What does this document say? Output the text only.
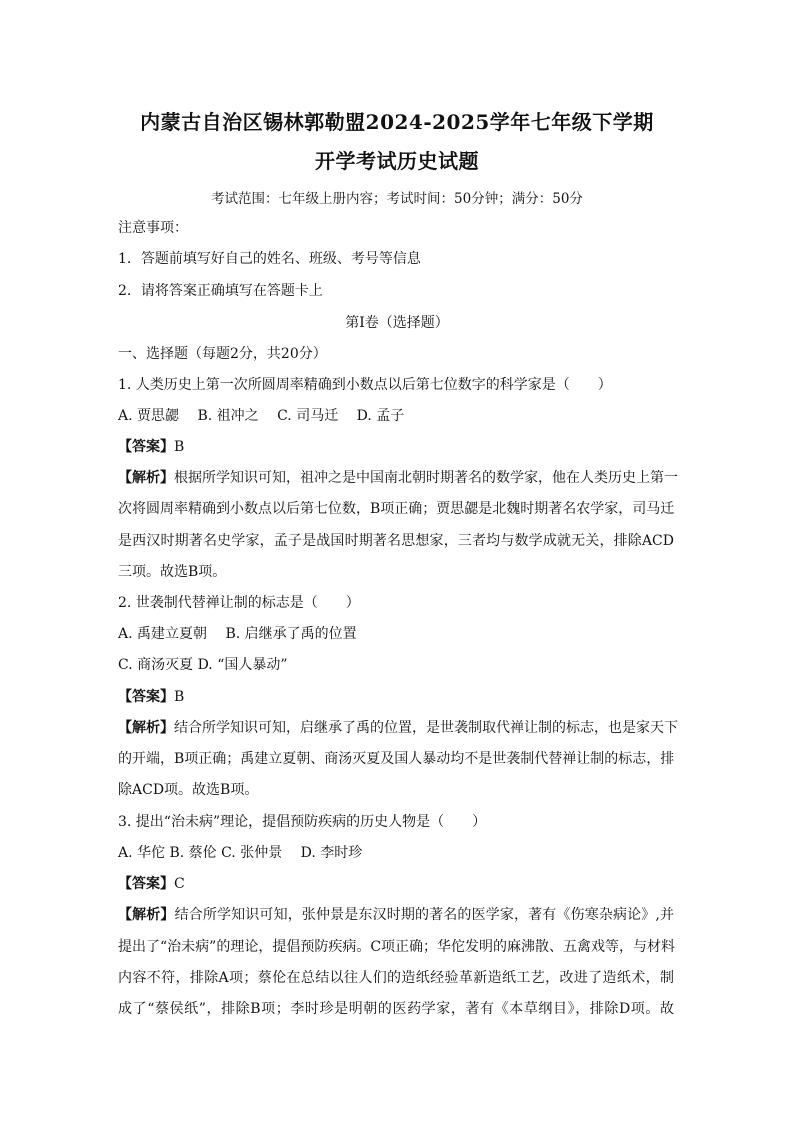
内蒙古自治区锡林郭勒盟2024-2025学年七年级下学期
开学考试历史试题
考试范围：七年级上册内容；考试时间：50分钟；满分：50分
注意事项：
1．答题前填写好自己的姓名、班级、考号等信息
2．请将答案正确填写在答题卡上
第I卷（选择题）
一、选择题（每题2分，共20分）
1. 人类历史上第一次所圆周率精确到小数点以后第七位数字的科学家是（　　）
A. 贾思勰　 B. 祖冲之　 C. 司马迁　 D. 孟子
【答案】B
【解析】根据所学知识可知，祖冲之是中国南北朝时期著名的数学家，他在人类历史上第一
次将圆周率精确到小数点以后第七位数，B项正确；贾思勰是北魏时期著名农学家，司马迁
是西汉时期著名史学家，孟子是战国时期著名思想家，三者均与数学成就无关，排除ACD
三项。故选B项。
2. 世袭制代替禅让制的标志是（　　）
A. 禹建立夏朝　 B. 启继承了禹的位置
C. 商汤灭夏 D. “国人暴动”
【答案】B
【解析】结合所学知识可知，启继承了禹的位置，是世袭制取代禅让制的标志，也是家天下
的开端，B项正确；禹建立夏朝、商汤灭夏及国人暴动均不是世袭制代替禅让制的标志，排
除ACD项。故选B项。
3. 提出“治未病”理论，提倡预防疾病的历史人物是（　　）
A. 华佗 B. 蔡伦 C. 张仲景　 D. 李时珍
【答案】C
【解析】结合所学知识可知，张仲景是东汉时期的著名的医学家，著有《伤寒杂病论》,并
提出了“治未病”的理论，提倡预防疾病。C项正确；华佗发明的麻沸散、五禽戏等，与材料
内容不符，排除A项；蔡伦在总结以往人们的造纸经验革新造纸工艺，改进了造纸术，制
成了“蔡侯纸”，排除B项；李时珍是明朝的医药学家，著有《本草纲目》，排除D项。故
